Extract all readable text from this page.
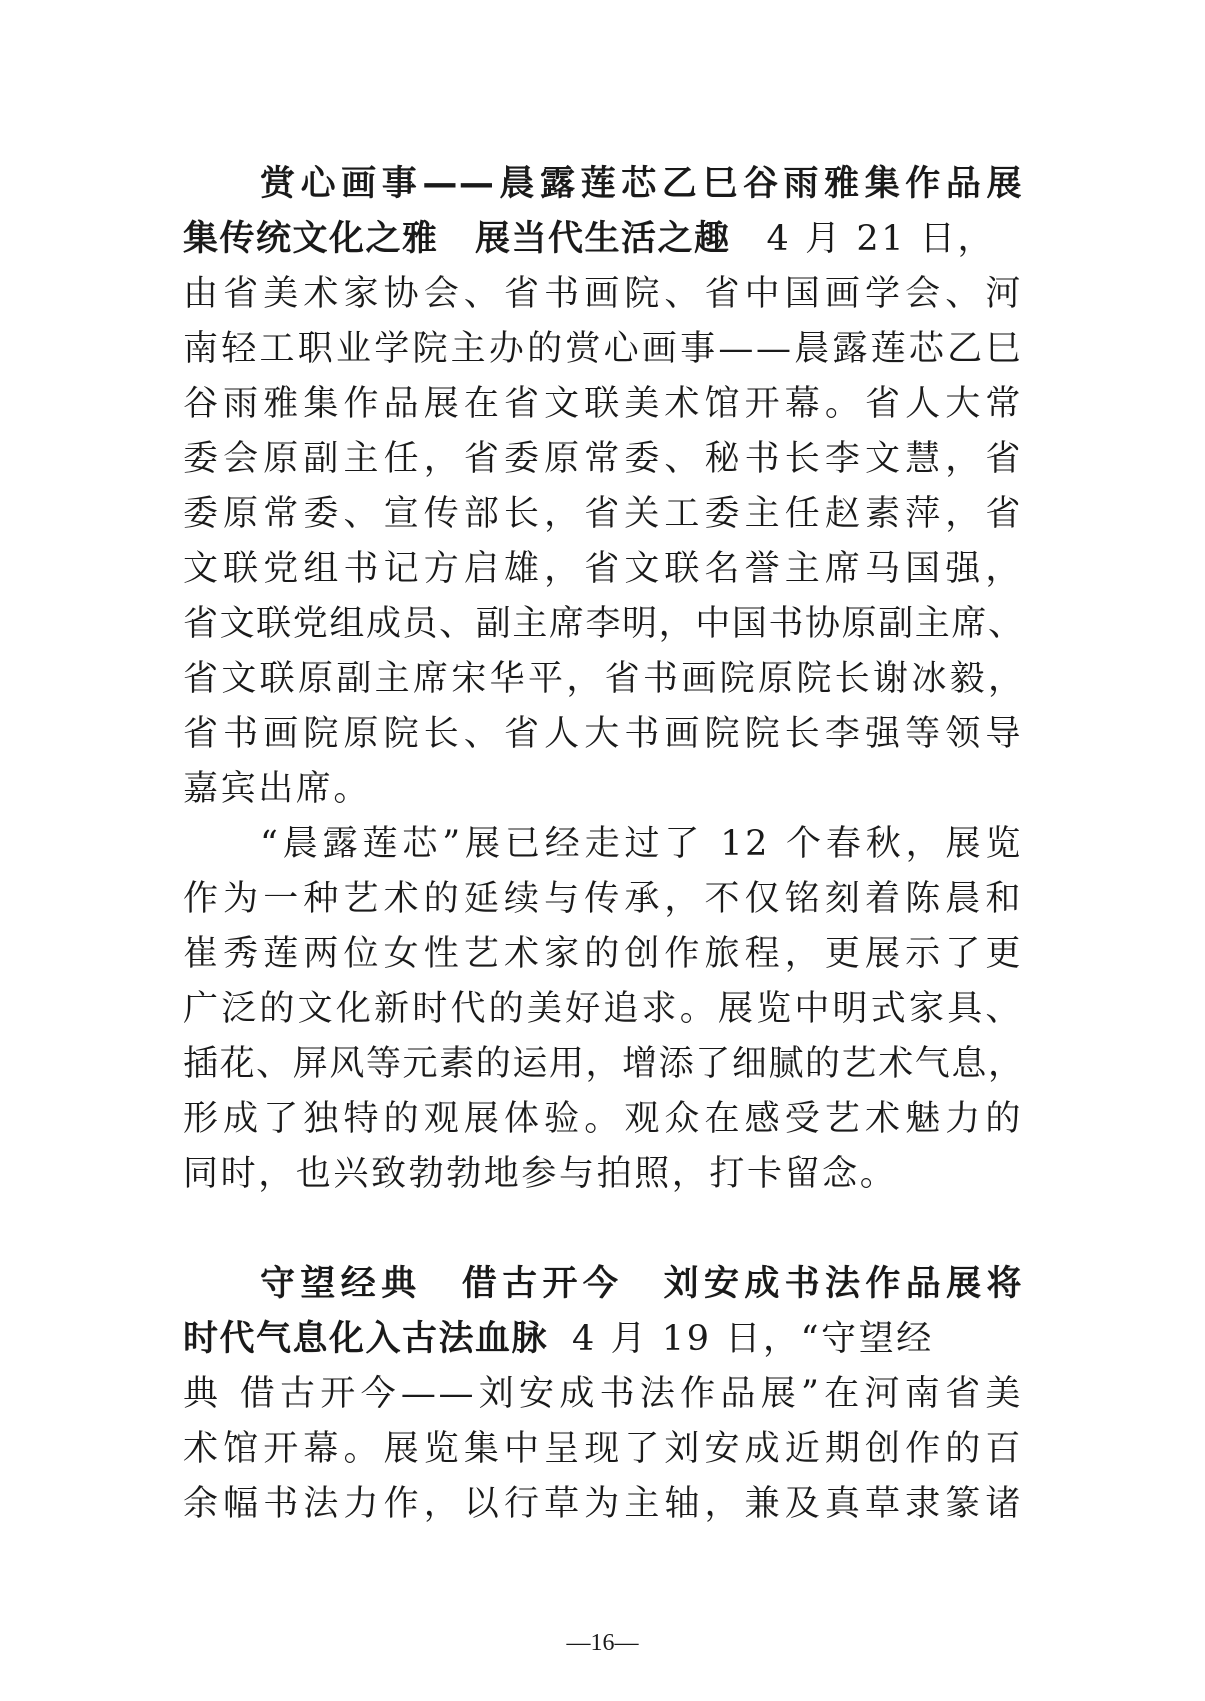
赏心画事——晨露莲芯乙巳谷雨雅集作品展
集传统文化之雅　展当代生活之趣 4 月 21 日，
由省美术家协会、省书画院、省中国画学会、河
南轻工职业学院主办的赏心画事——晨露莲芯乙巳
谷雨雅集作品展在省文联美术馆开幕。省人大常
委会原副主任，省委原常委、秘书长李文慧，省
委原常委、宣传部长，省关工委主任赵素萍，省
文联党组书记方启雄，省文联名誉主席马国强，
省文联党组成员、副主席李明，中国书协原副主席、
省文联原副主席宋华平，省书画院原院长谢冰毅，
省书画院原院长、省人大书画院院长李强等领导
嘉宾出席。
“晨露莲芯”展已经走过了 12 个春秋，展览
作为一种艺术的延续与传承，不仅铭刻着陈晨和
崔秀莲两位女性艺术家的创作旅程，更展示了更
广泛的文化新时代的美好追求。展览中明式家具、
插花、屏风等元素的运用，增添了细腻的艺术气息，
形成了独特的观展体验。观众在感受艺术魅力的
同时，也兴致勃勃地参与拍照，打卡留念。
守望经典　借古开今　刘安成书法作品展将
时代气息化入古法血脉 4 月 19 日，“守望经
典 借古开今——刘安成书法作品展”在河南省美
术馆开幕。展览集中呈现了刘安成近期创作的百
余幅书法力作，以行草为主轴，兼及真草隶篆诸
—16—
